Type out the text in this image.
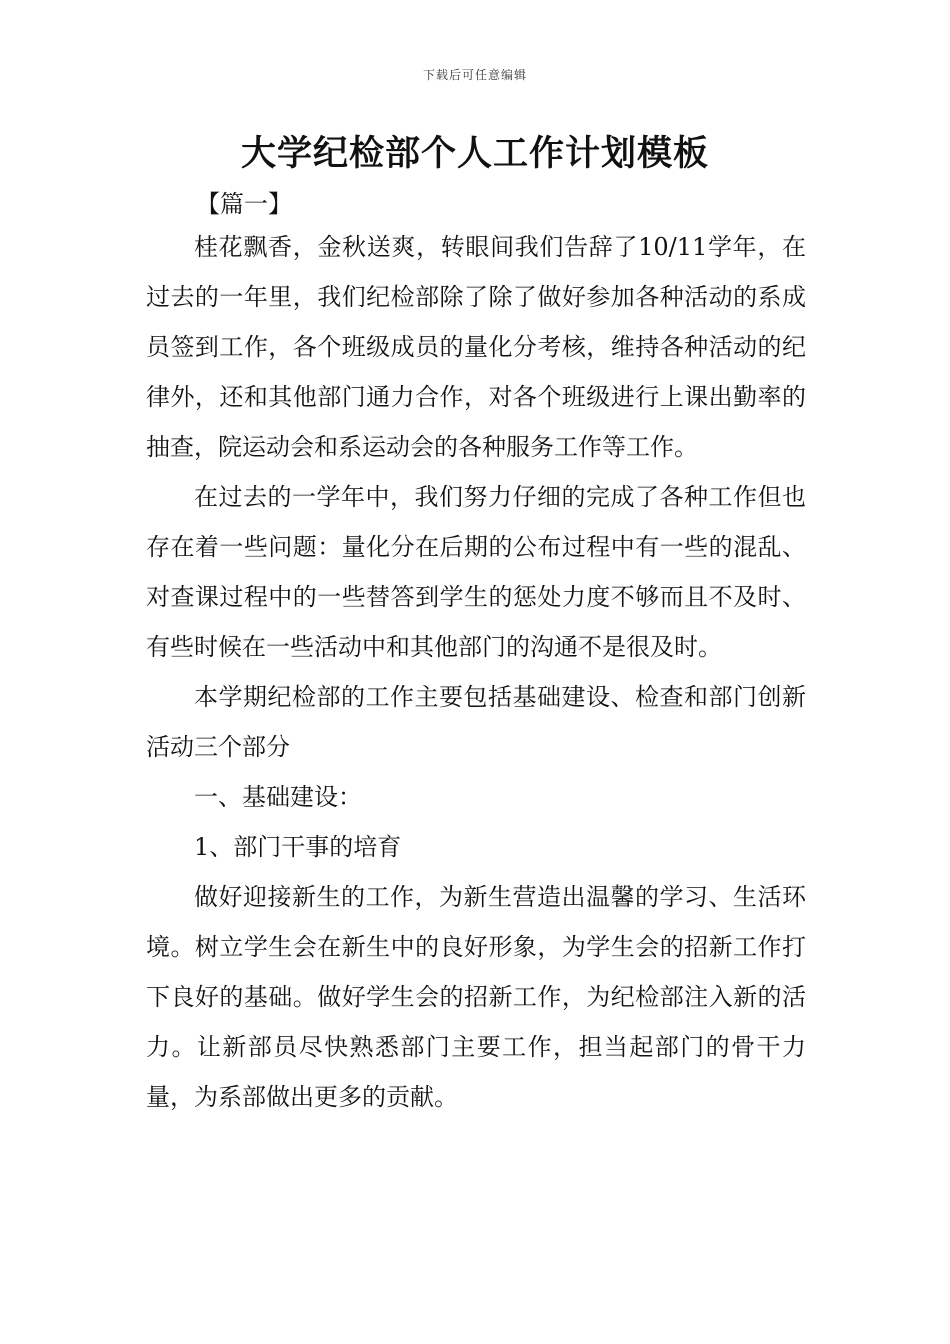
下载后可任意编辑
大学纪检部个人工作计划模板
【篇一】

桂花飘香，金秋送爽，转眼间我们告辞了10/11学年，在过去的一年里，我们纪检部除了除了做好参加各种活动的系成员签到工作，各个班级成员的量化分考核，维持各种活动的纪律外，还和其他部门通力合作，对各个班级进行上课出勤率的抽查，院运动会和系运动会的各种服务工作等工作。

在过去的一学年中，我们努力仔细的完成了各种工作但也存在着一些问题：量化分在后期的公布过程中有一些的混乱、对查课过程中的一些替答到学生的惩处力度不够而且不及时、有些时候在一些活动中和其他部门的沟通不是很及时。

本学期纪检部的工作主要包括基础建设、检查和部门创新活动三个部分

一、基础建设：

1、部门干事的培育

做好迎接新生的工作，为新生营造出温馨的学习、生活环境。树立学生会在新生中的良好形象，为学生会的招新工作打下良好的基础。做好学生会的招新工作，为纪检部注入新的活力。让新部员尽快熟悉部门主要工作，担当起部门的骨干力量，为系部做出更多的贡献。
